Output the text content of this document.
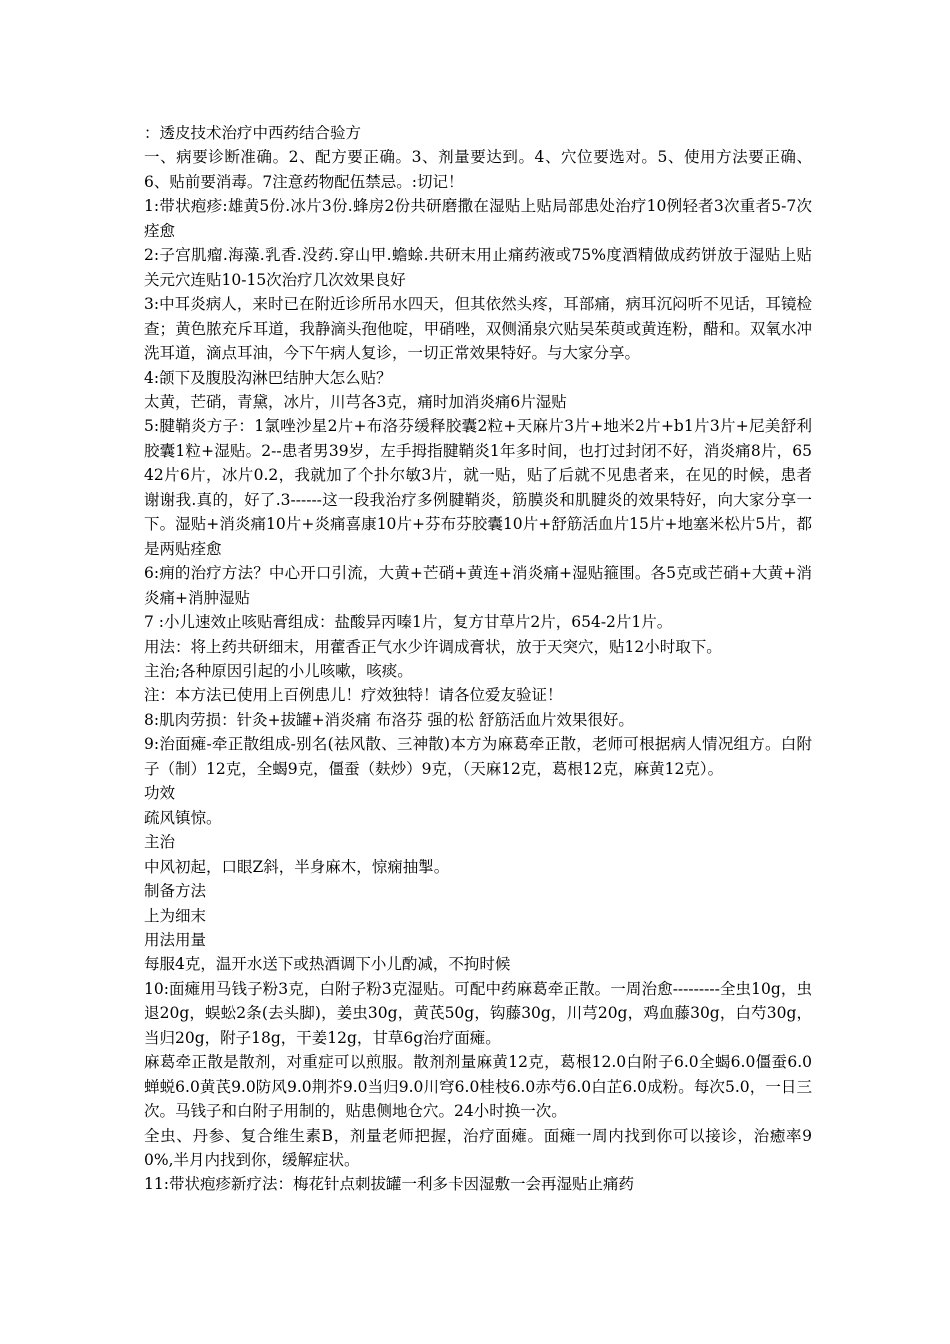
：透皮技术治疗中西药结合验方

一、病要诊断准确。2、配方要正确。3、剂量要达到。4、穴位要选对。5、使用方法要正确、6、贴前要消毒。7注意药物配伍禁忌。:切记！

1:带状疱疹:雄黄5份.冰片3份.蜂房2份共研磨撒在湿贴上贴局部患处治疗10例轻者3次重者5-7次痊愈

2:子宫肌瘤.海藻.乳香.没药.穿山甲.蟾蜍.共研末用止痛药液或75%度酒精做成药饼放于湿贴上贴关元穴连贴10-15次治疗几次效果良好

3:中耳炎病人，来时已在附近诊所吊水四天，但其依然头疼，耳部痛，病耳沉闷听不见话，耳镜检查；黄色脓充斥耳道，我静滴头孢他啶，甲硝唑，双侧涌泉穴贴吴茱萸或黄连粉，醋和。双氧水冲洗耳道，滴点耳油，今下午病人复诊，一切正常效果特好。与大家分享。

4:颌下及腹股沟淋巴结肿大怎么贴？

太黄，芒硝，青黛，冰片，川芎各3克，痛时加消炎痛6片湿贴

5:腱鞘炎方子：1氯唑沙星2片+布洛芬缓释胶囊2粒+天麻片3片+地米2片+b1片3片+尼美舒利胶囊1粒+湿贴。2--患者男39岁，左手拇指腱鞘炎1年多时间，也打过封闭不好，消炎痛8片，6542片6片，冰片0.2，我就加了个扑尔敏3片，就一贴，贴了后就不见患者来，在见的时候，患者谢谢我.真的，好了.3------这一段我治疗多例腱鞘炎，筋膜炎和肌腱炎的效果特好，向大家分享一下。湿贴+消炎痛10片+炎痛喜康10片+芬布芬胶囊10片+舒筋活血片15片+地塞米松片5片，都是两贴痊愈

6:痈的治疗方法？中心开口引流，大黄+芒硝+黄连+消炎痛+湿贴箍围。各5克或芒硝+大黄+消炎痛+消肿湿贴

7 :小儿速效止咳贴膏组成：盐酸异丙嗪1片，复方甘草片2片，654-2片1片。

用法：将上药共研细末，用藿香正气水少许调成膏状，放于天突穴，贴12小时取下。

主治;各种原因引起的小儿咳嗽，咳痰。

注：本方法已使用上百例患儿！疗效独特！请各位爱友验证！

8:肌肉劳损：针灸+拔罐+消炎痛 布洛芬 强的松 舒筋活血片效果很好。

9:治面瘫-牵正散组成-别名(祛风散、三神散)本方为麻葛牵正散，老师可根据病人情况组方。白附子（制）12克，全蝎9克，僵蚕（麸炒）9克，（天麻12克，葛根12克，麻黄12克）。

功效

疏风镇惊。

主治

中风初起，口眼Z斜，半身麻木，惊痫抽掣。

制备方法

上为细末

用法用量

每服4克，温开水送下或热酒调下小儿酌减，不拘时候

10:面瘫用马钱子粉3克，白附子粉3克湿贴。可配中药麻葛牵正散。一周治愈---------全虫10g，虫退20g，蜈蚣2条(去头脚)，姜虫30g，黄芪50g，钩藤30g，川芎20g，鸡血藤30g，白芍30g，当归20g，附子18g，干姜12g，甘草6g治疗面瘫。

麻葛牵正散是散剂，对重症可以煎服。散剂剂量麻黄12克，葛根12.0白附子6.0全蝎6.0僵蚕6.0蝉蜕6.0黄芪9.0防风9.0荆芥9.0当归9.0川穹6.0桂枝6.0赤芍6.0白芷6.0成粉。每次5.0，一日三次。马钱子和白附子用制的，贴患侧地仓穴。24小时换一次。

全虫、丹参、复合维生素B，剂量老师把握，治疗面瘫。面瘫一周内找到你可以接诊，治癒率90%,半月内找到你，缓解症状。

11:带状疱疹新疗法：梅花针点刺拔罐一利多卡因湿敷一会再湿贴止痛药
